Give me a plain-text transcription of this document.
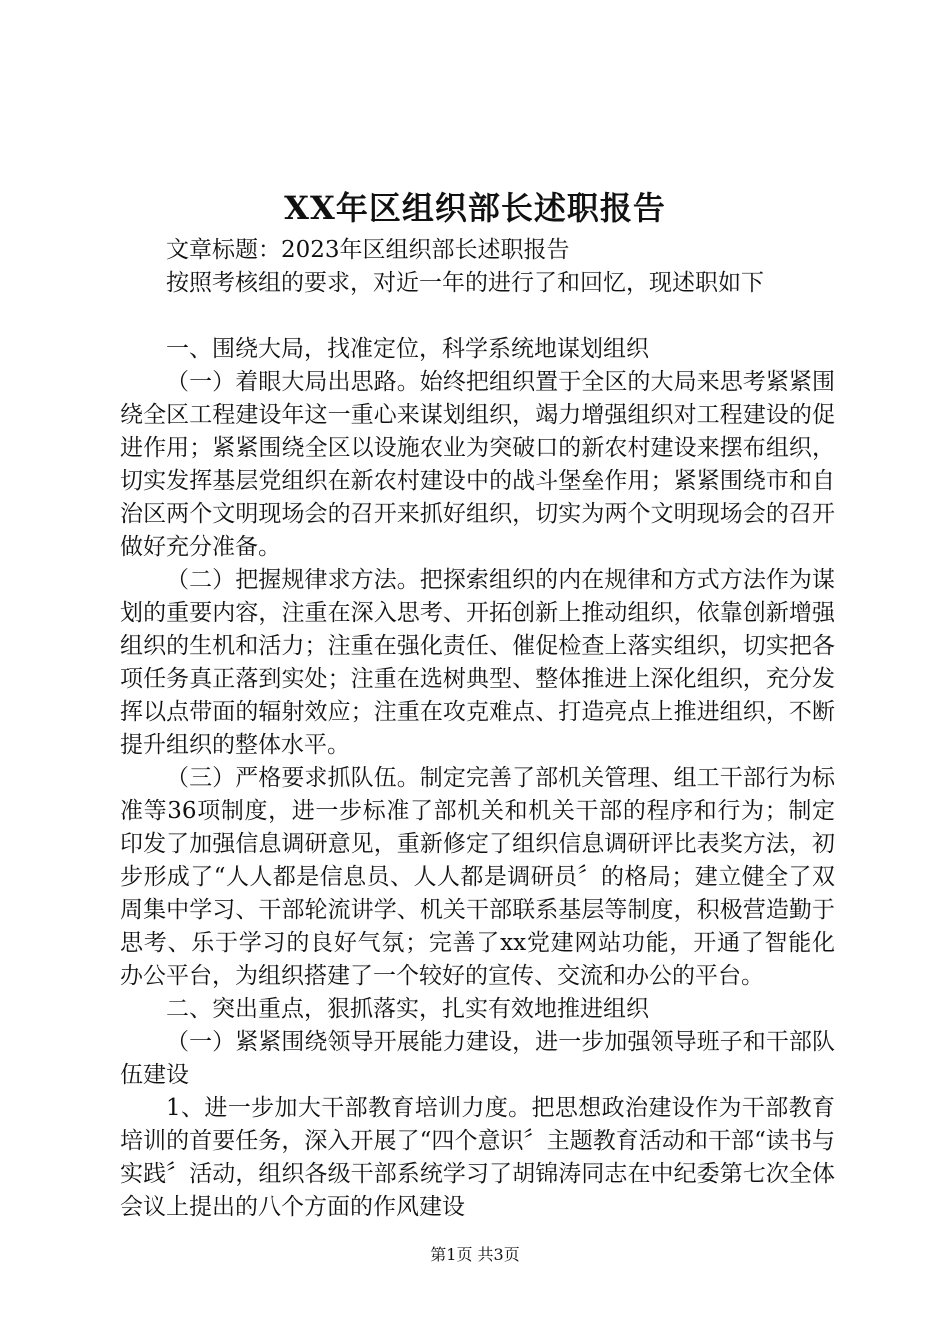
XX年区组织部长述职报告

文章标题：2023年区组织部长述职报告

按照考核组的要求，对近一年的进行了和回忆，现述职如下

一、围绕大局，找准定位，科学系统地谋划组织

（一）着眼大局出思路。始终把组织置于全区的大局来思考紧紧围绕全区工程建设年这一重心来谋划组织，竭力增强组织对工程建设的促进作用；紧紧围绕全区以设施农业为突破口的新农村建设来摆布组织，切实发挥基层党组织在新农村建设中的战斗堡垒作用；紧紧围绕市和自治区两个文明现场会的召开来抓好组织，切实为两个文明现场会的召开做好充分准备。

（二）把握规律求方法。把探索组织的内在规律和方式方法作为谋划的重要内容，注重在深入思考、开拓创新上推动组织，依靠创新增强组织的生机和活力；注重在强化责任、催促检查上落实组织，切实把各项任务真正落到实处；注重在选树典型、整体推进上深化组织，充分发挥以点带面的辐射效应；注重在攻克难点、打造亮点上推进组织，不断提升组织的整体水平。

（三）严格要求抓队伍。制定完善了部机关管理、组工干部行为标准等36项制度，进一步标准了部机关和机关干部的程序和行为；制定印发了加强信息调研意见，重新修定了组织信息调研评比表奖方法，初步形成了“人人都是信息员、人人都是调研员〞的格局；建立健全了双周集中学习、干部轮流讲学、机关干部联系基层等制度，积极营造勤于思考、乐于学习的良好气氛；完善了xx党建网站功能，开通了智能化办公平台，为组织搭建了一个较好的宣传、交流和办公的平台。

二、突出重点，狠抓落实，扎实有效地推进组织

（一）紧紧围绕领导开展能力建设，进一步加强领导班子和干部队伍建设

1、进一步加大干部教育培训力度。把思想政治建设作为干部教育培训的首要任务，深入开展了“四个意识〞主题教育活动和干部“读书与实践〞活动，组织各级干部系统学习了胡锦涛同志在中纪委第七次全体会议上提出的八个方面的作风建设

第1页 共3页
